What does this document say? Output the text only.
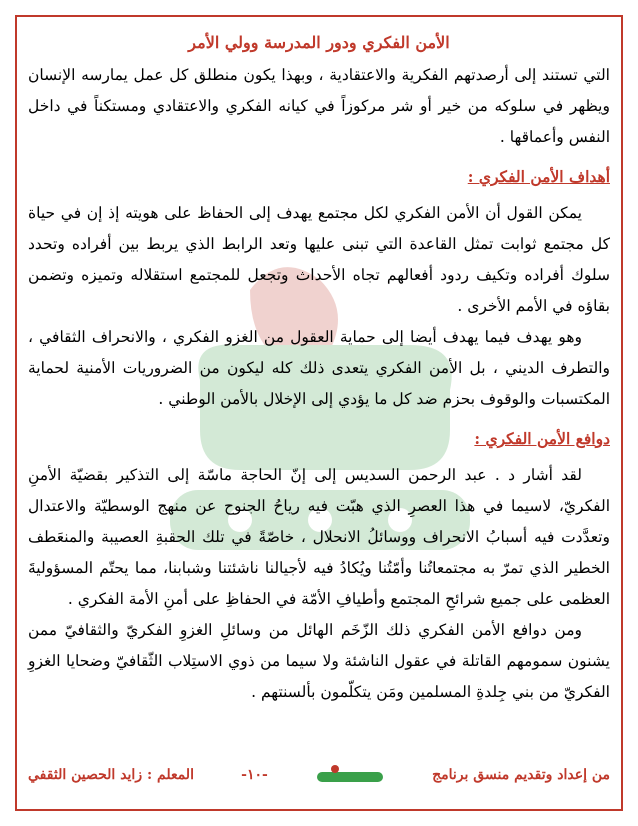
الأمن الفكري ودور المدرسة وولي الأمر

التي تستند إلى أرصدتهم الفكرية والاعتقادية ، وبهذا يكون منطلق كل عمل يمارسه الإنسان ويظهر في سلوكه من خير أو شر مركوزاً في كيانه الفكري والاعتقادي ومستكناً في داخل النفس وأعماقها .

أهداف الأمن الفكري :

يمكن القول أن الأمن الفكري لكل مجتمع يهدف إلى الحفاظ على هويته إذ إن في حياة كل مجتمع ثوابت تمثل القاعدة التي تبنى عليها وتعد الرابط الذي يربط بين أفراده وتحدد سلوك أفراده وتكيف ردود أفعالهم تجاه الأحداث وتجعل للمجتمع استقلاله وتميزه وتضمن بقاؤه في الأمم الأخرى .

وهو يهدف فيما يهدف أيضا إلى حماية العقول من الغزو الفكري ، والانحراف الثقافي ، والتطرف الديني ، بل الأمن الفكري يتعدى ذلك كله ليكون من الضروريات الأمنية لحماية المكتسبات والوقوف بحزم ضد كل ما يؤدي إلى الإخلال بالأمن الوطني .

دوافع الأمن الفكري :

لقد أشار د . عبد الرحمن السديس إلى إنّ الحاجة ماسّة إلى التذكير بقضيّة الأمنِ الفكريّ، لاسيما في هذا العصرِ الذي هبّت فيه رياحُ الجنوح عن منهج الوسطيّة والاعتدال وتعدَّدت فيه أسبابُ الانحراف ووسائلُ الانحلال ، خاصّةً في تلك الحقبةِ العصيبة والمنعَطف الخطير الذي تمرّ به مجتمعاتُنا وأمّتُنا ويُكادُ فيه لأجيالنا ناشئتنا وشبابنا، مما يحتّم المسؤوليةَ العظمى على جميع شرائحِ المجتمع وأطيافِ الأمّة في الحفاظِ على أمنِ الأمة الفكري .

ومن دوافع الأمن الفكري ذلك الزّخَم الهائل من وسائلِ الغزوِ الفكريّ والثقافيّ ممن يشنون سمومهم القاتلة في عقول الناشئة ولا سيما من ذوي الاستِلاب الثّقافيّ وضحايا الغزوِ الفكريّ من بني جِلدةِ المسلمين ومَن يتكلّمون بألسنتهم .

من إعداد وتقديم منسق برنامج
-١٠-
المعلم : زايد الحصين الثقفي
